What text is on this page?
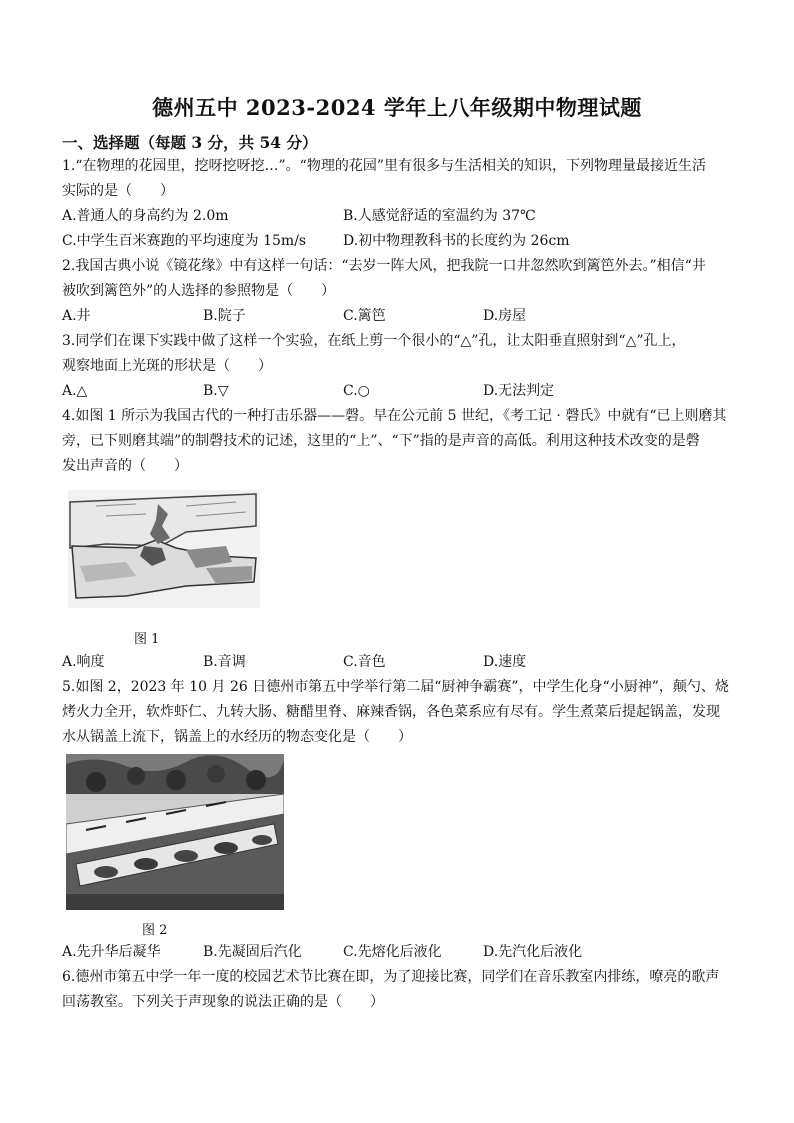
德州五中 2023-2024 学年上八年级期中物理试题
一、选择题（每题 3 分，共 54 分）
1.“在物理的花园里，挖呀挖呀挖…”。“物理的花园”里有很多与生活相关的知识，下列物理量最接近生活
实际的是（　　）
A.普通人的身高约为 2.0m	B.人感觉舒适的室温约为 37℃
C.中学生百米赛跑的平均速度为 15m/s	D.初中物理教科书的长度约为 26cm
2.我国古典小说《镜花缘》中有这样一句话：“去岁一阵大风，把我院一口井忽然吹到篱笆外去。”相信“井
被吹到篱笆外”的人选择的参照物是（　　）
A.井	B.院子	C.篱笆	D.房屋
3.同学们在课下实践中做了这样一个实验，在纸上剪一个很小的“△”孔，让太阳垂直照射到“△”孔上，
观察地面上光斑的形状是（　　）
A.△	B.▽	C.○	D.无法判定
4.如图 1 所示为我国古代的一种打击乐器——磬。早在公元前 5 世纪，《考工记 · 磬氏》中就有“已上则磨其
旁，已下则磨其端”的制磬技术的记述，这里的“上”、“下”指的是声音的高低。利用这种技术改变的是磬
发出声音的（　　）
图 1
A.响度	B.音调	C.音色	D.速度
5.如图 2，2023 年 10 月 26 日德州市第五中学举行第二届“厨神争霸赛”，中学生化身“小厨神”，颠勺、烧
烤火力全开，软炸虾仁、九转大肠、糖醋里脊、麻辣香锅，各色菜系应有尽有。学生煮菜后提起锅盖，发现
水从锅盖上流下，锅盖上的水经历的物态变化是（　　）
图 2
A.先升华后凝华	B.先凝固后汽化	C.先熔化后液化	D.先汽化后液化
6.德州市第五中学一年一度的校园艺术节比赛在即，为了迎接比赛，同学们在音乐教室内排练，嘹亮的歌声
回荡教室。下列关于声现象的说法正确的是（　　）
